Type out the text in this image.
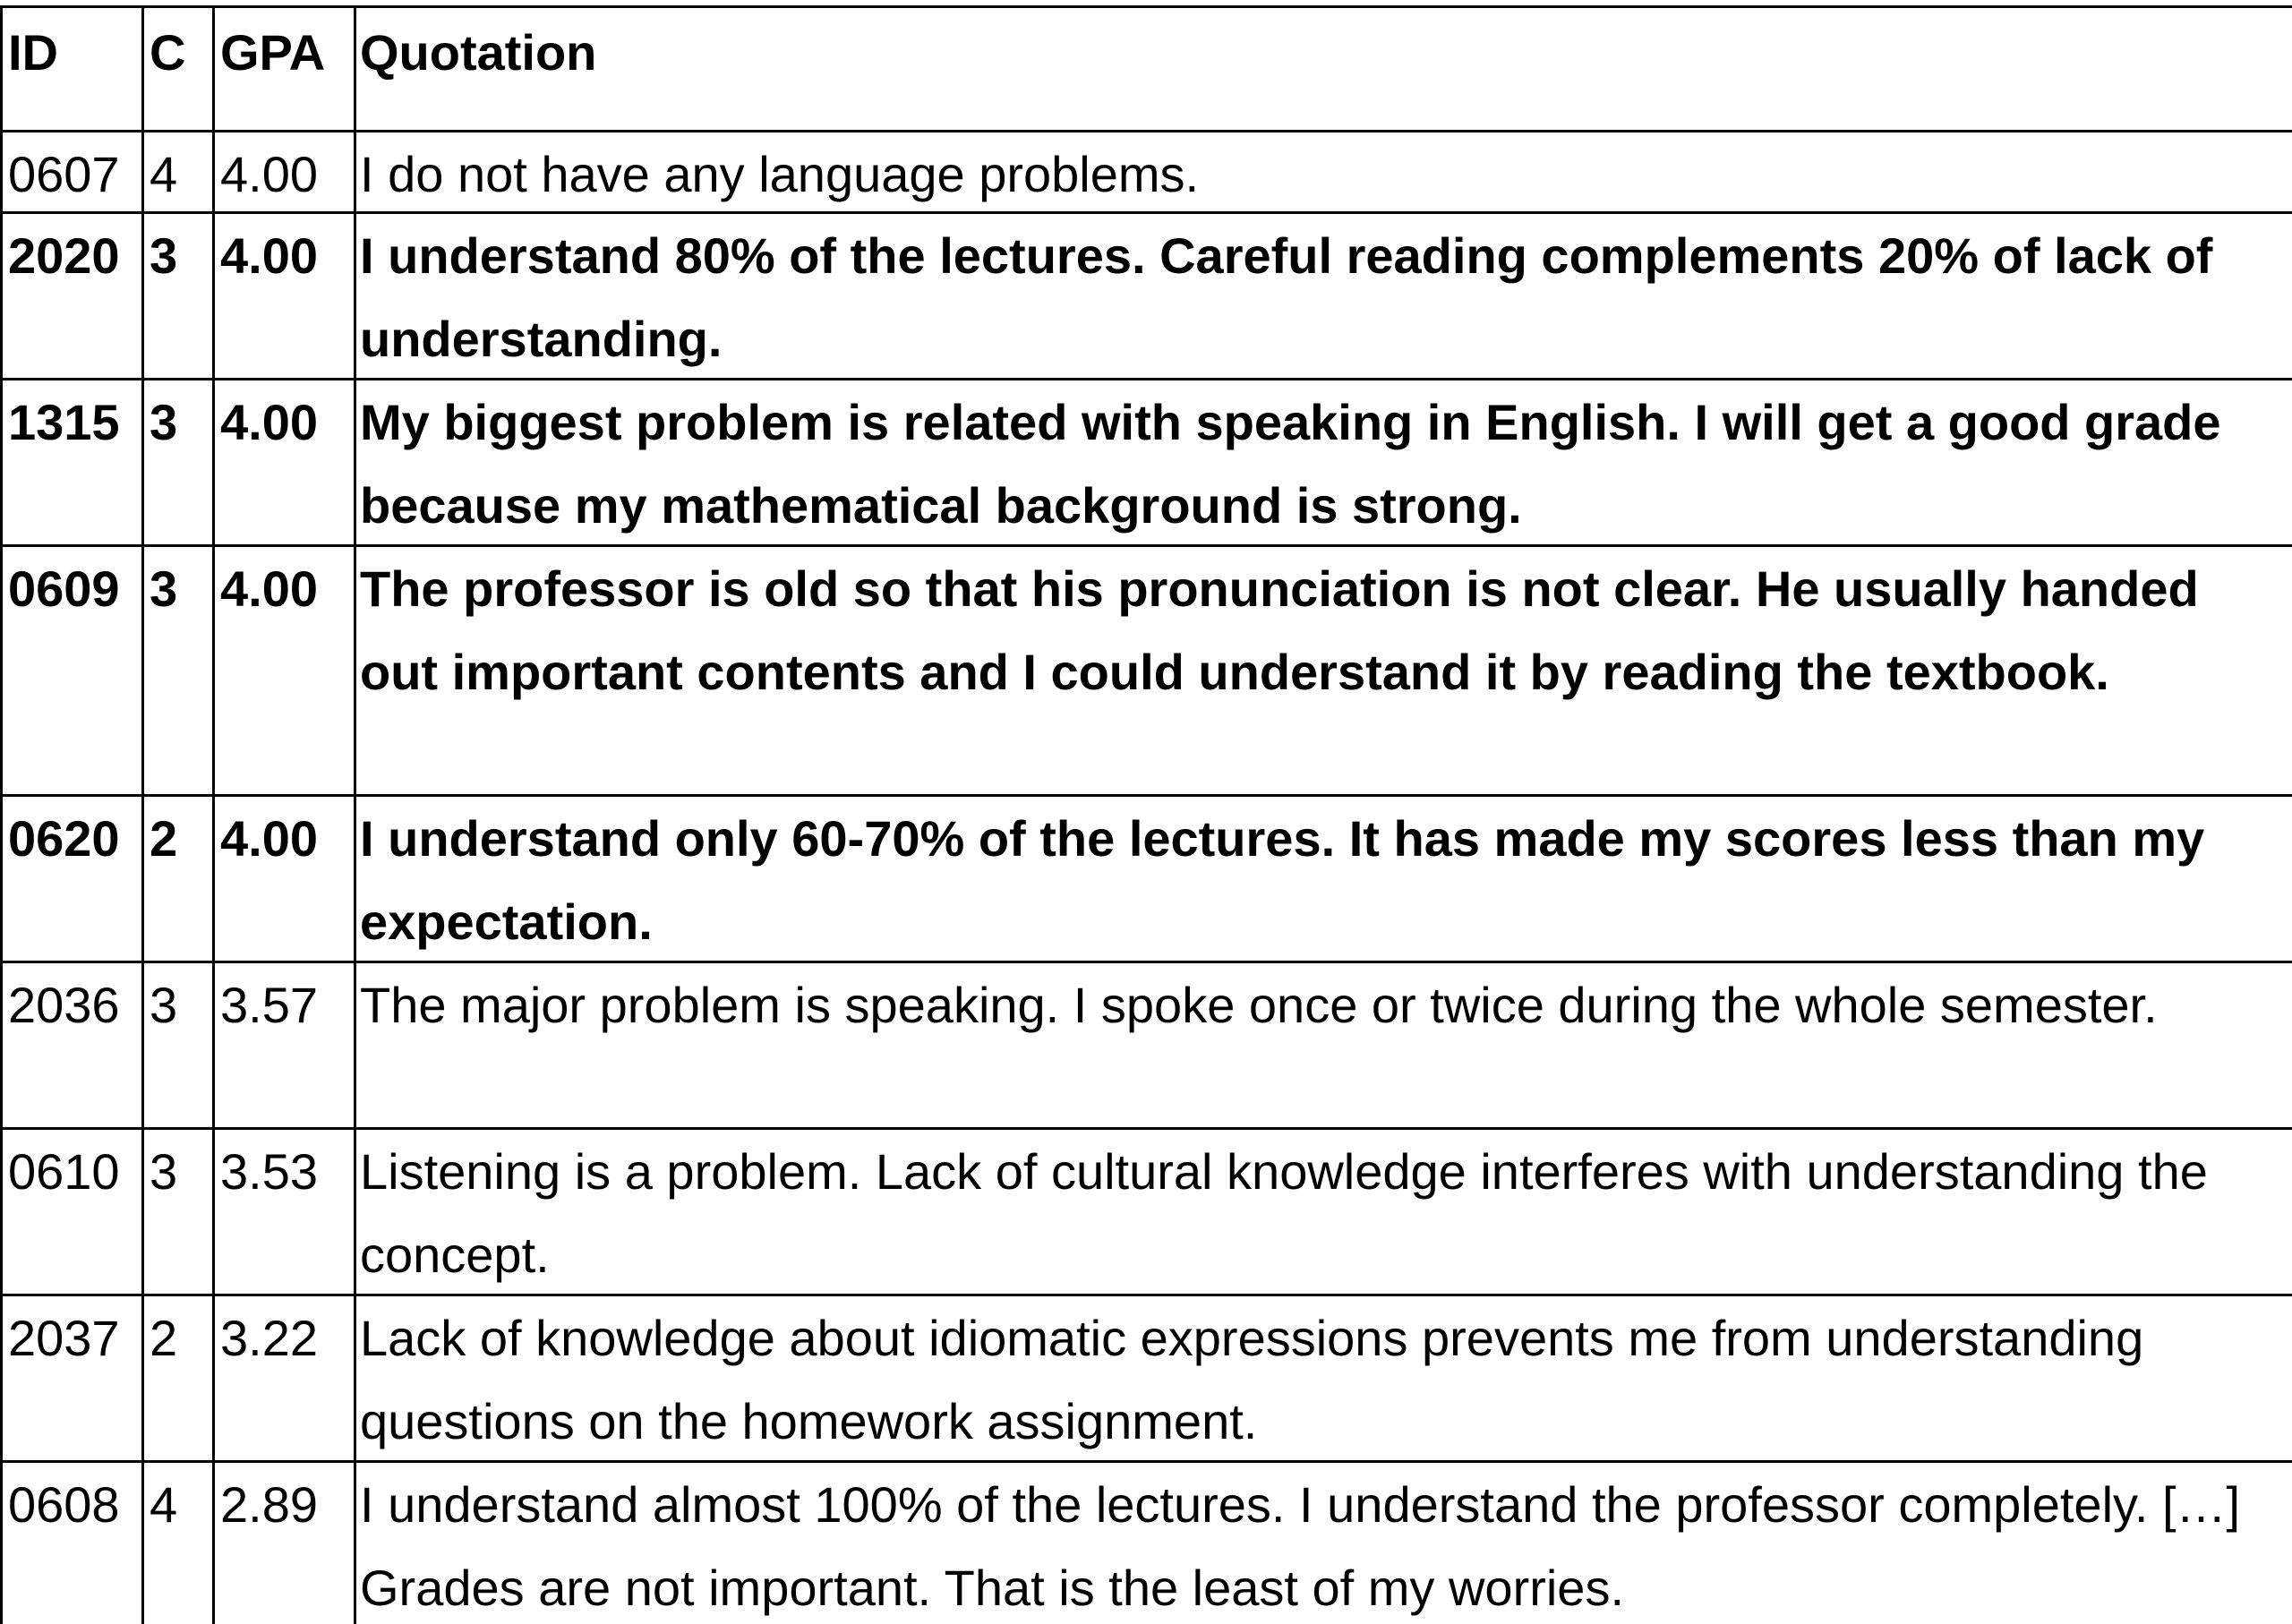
ID	C GPA Quotation
0607 4 4.00 I do not have any language problems.
2020 3 4.00 I understand 80% of the lectures. Careful reading complements 20% of lack of understanding.
1315 3 4.00 My biggest problem is related with speaking in English. I will get a good grade because my mathematical background is strong.
0609 3 4.00 The professor is old so that his pronunciation is not clear. He usually handed out important contents and I could understand it by reading the textbook.
0620 2 4.00 I understand only 60-70% of the lectures. It has made my scores less than my expectation.
2036 3 3.57 The major problem is speaking. I spoke once or twice during the whole semester.
0610 3 3.53 Listening is a problem. Lack of cultural knowledge interferes with understanding the concept.
2037 2 3.22 Lack of knowledge about idiomatic expressions prevents me from understanding questions on the homework assignment.
0608 4 2.89 I understand almost 100% of the lectures. I understand the professor completely. […] Grades are not important. That is the least of my worries.
